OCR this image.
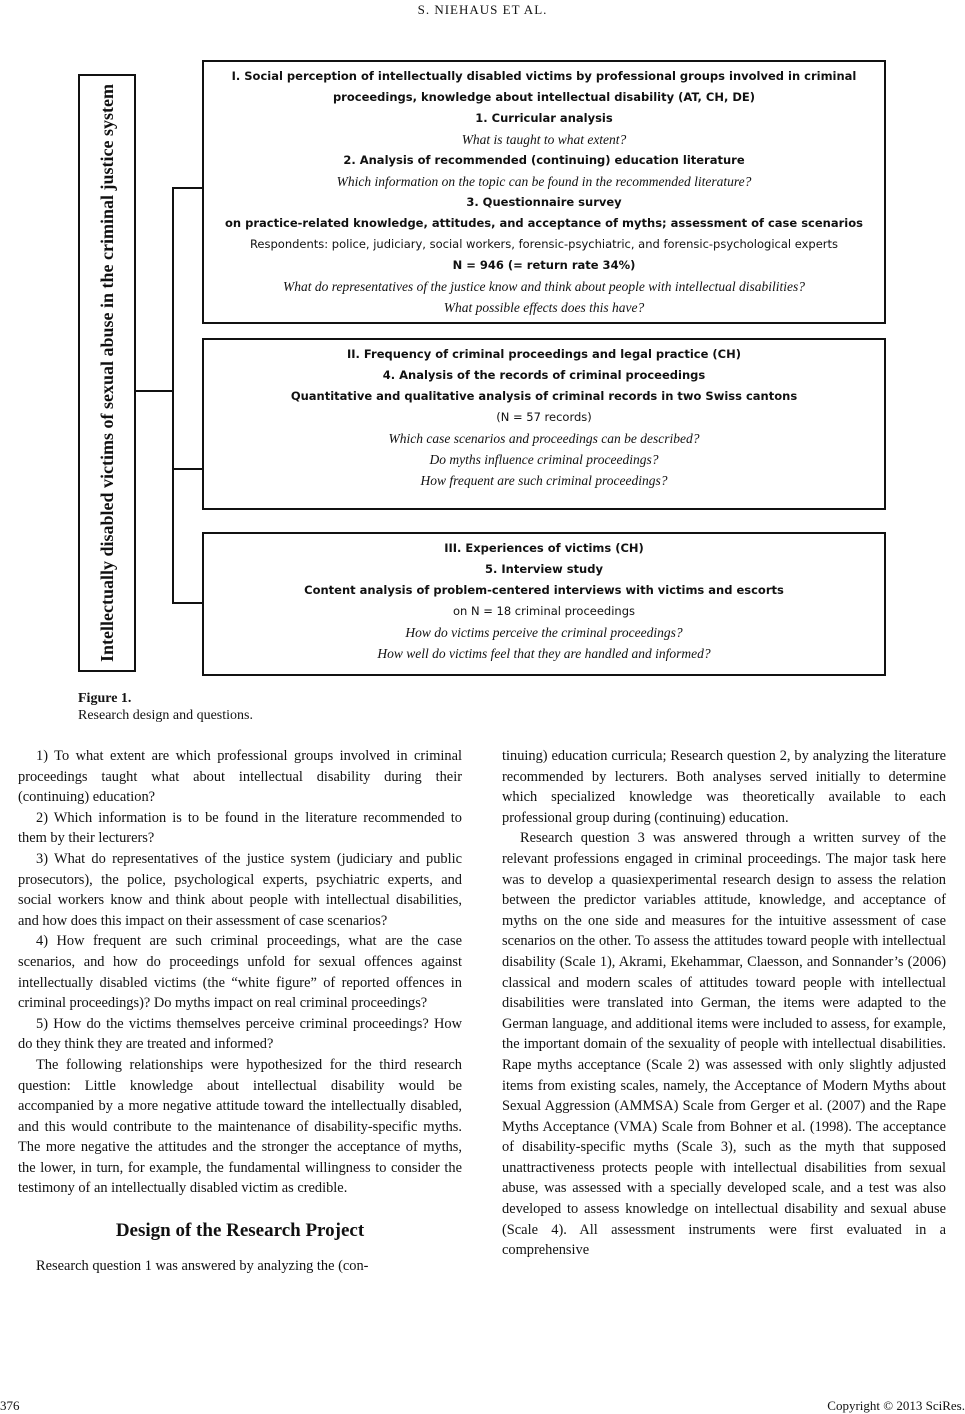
S. NIEHAUS ET AL.
Intellectually disabled victims of sexual abuse in the criminal justice system
I. Social perception of intellectually disabled victims by professional groups involved in criminal
proceedings, knowledge about intellectual disability (AT, CH, DE)
1. Curricular analysis
What is taught to what extent?
2. Analysis of recommended (continuing) education literature
Which information on the topic can be found in the recommended literature?
3. Questionnaire survey
on practice-related knowledge, attitudes, and acceptance of myths; assessment of case scenarios
Respondents: police, judiciary, social workers, forensic-psychiatric, and forensic-psychological experts
N = 946 (= return rate 34%)
What do representatives of the justice know and think about people with intellectual disabilities?
What possible effects does this have?
II. Frequency of criminal proceedings and legal practice (CH)
4. Analysis of the records of criminal proceedings
Quantitative and qualitative analysis of criminal records in two Swiss cantons
(N = 57 records)
Which case scenarios and proceedings can be described?
Do myths influence criminal proceedings?
How frequent are such criminal proceedings?
III. Experiences of victims (CH)
5. Interview study
Content analysis of problem-centered interviews with victims and escorts
on N = 18 criminal proceedings
How do victims perceive the criminal proceedings?
How well do victims feel that they are handled and informed?
Figure 1.
Research design and questions.

1) To what extent are which professional groups involved in criminal proceedings taught what about intellectual disability during their (continuing) education?

2) Which information is to be found in the literature recommended to them by their lecturers?

3) What do representatives of the justice system (judiciary and public prosecutors), the police, psychological experts, psychiatric experts, and social workers know and think about people with intellectual disabilities, and how does this impact on their assessment of case scenarios?

4) How frequent are such criminal proceedings, what are the case scenarios, and how do proceedings unfold for sexual offences against intellectually disabled victims (the “white figure” of reported offences in criminal proceedings)? Do myths impact on real criminal proceedings?

5) How do the victims themselves perceive criminal proceedings? How do they think they are treated and informed?

The following relationships were hypothesized for the third research question: Little knowledge about intellectual disability would be accompanied by a more negative attitude toward the intellectually disabled, and this would contribute to the maintenance of disability-specific myths. The more negative the attitudes and the stronger the acceptance of myths, the lower, in turn, for example, the fundamental willingness to consider the testimony of an intellectually disabled victim as credible.

Design of the Research Project

Research question 1 was answered by analyzing the (con-

tinuing) education curricula; Research question 2, by analyzing the literature recommended by lecturers. Both analyses served initially to determine which specialized knowledge was theoretically available to each professional group during (continuing) education.

Research question 3 was answered through a written survey of the relevant professions engaged in criminal proceedings. The major task here was to develop a quasiexperimental research design to assess the relation between the predictor variables attitude, knowledge, and acceptance of myths on the one side and measures for the intuitive assessment of case scenarios on the other. To assess the attitudes toward people with intellectual disability (Scale 1), Akrami, Ekehammar, Claesson, and Sonnander’s (2006) classical and modern scales of attitudes toward people with intellectual disabilities were translated into German, the items were adapted to the German language, and additional items were included to assess, for example, the important domain of the sexuality of people with intellectual disabilities. Rape myths acceptance (Scale 2) was assessed with only slightly adjusted items from existing scales, namely, the Acceptance of Modern Myths about Sexual Aggression (AMMSA) Scale from Gerger et al. (2007) and the Rape Myths Acceptance (VMA) Scale from Bohner et al. (1998). The acceptance of disability-specific myths (Scale 3), such as the myth that supposed unattractiveness protects people with intellectual disabilities from sexual abuse, was assessed with a specially developed scale, and a test was also developed to assess knowledge on intellectual disability and sexual abuse (Scale 4). All assessment instruments were first evaluated in a comprehensive

376	Copyright © 2013 SciRes.
